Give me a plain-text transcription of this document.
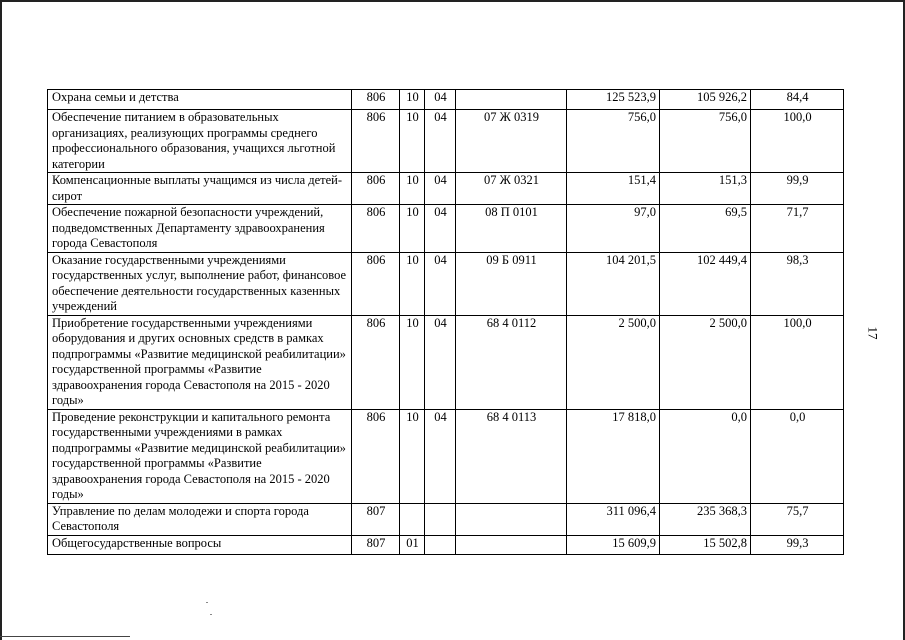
Охрана семьи и детства	806	10	04		125 523,9	105 926,2	84,4
Обеспечение питанием в образовательных организациях, реализующих программы среднего профессионального образования, учащихся льготной категории	806	10	04	07 Ж 0319	756,0	756,0	100,0
Компенсационные выплаты учащимся из числа детей-сирот	806	10	04	07 Ж 0321	151,4	151,3	99,9
Обеспечение пожарной безопасности учреждений, подведомственных Департаменту здравоохранения города Севастополя	806	10	04	08 П 0101	97,0	69,5	71,7
Оказание государственными учреждениями государственных услуг, выполнение работ, финансовое обеспечение деятельности государственных казенных учреждений	806	10	04	09 Б 0911	104 201,5	102 449,4	98,3
Приобретение государственными учреждениями оборудования и других основных средств в рамках подпрограммы «Развитие медицинской реабилитации» государственной программы «Развитие здравоохранения города Севастополя на 2015 - 2020 годы»	806	10	04	68 4 0112	2 500,0	2 500,0	100,0
Проведение реконструкции и капитального ремонта государственными учреждениями в рамках подпрограммы «Развитие медицинской реабилитации» государственной программы «Развитие здравоохранения города Севастополя на 2015 - 2020 годы»	806	10	04	68 4 0113	17 818,0	0,0	0,0
Управление по делам молодежи и спорта города Севастополя	807				311 096,4	235 368,3	75,7
Общегосударственные вопросы	807	01			15 609,9	15 502,8	99,3
17
